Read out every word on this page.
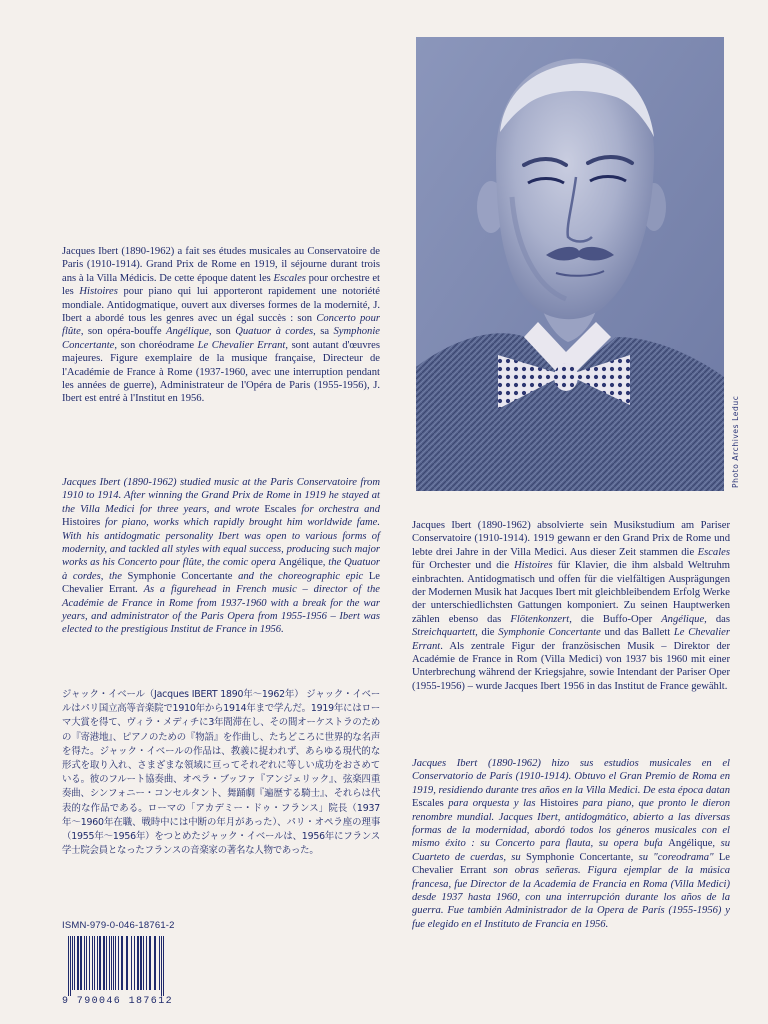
Jacques Ibert (1890-1962) a fait ses études musicales au Conservatoire de Paris (1910-1914). Grand Prix de Rome en 1919, il séjourne durant trois ans à la Villa Médicis. De cette époque datent les Escales pour orchestre et les Histoires pour piano qui lui apporteront rapidement une notoriété mondiale. Antidogmatique, ouvert aux diverses formes de la modernité, J. Ibert a abordé tous les genres avec un égal succès : son Concerto pour flûte, son opéra-bouffe Angélique, son Quatuor à cordes, sa Symphonie Concertante, son choréodrame Le Chevalier Errant, sont autant d'œuvres majeures. Figure exemplaire de la musique française, Directeur de l'Académie de France à Rome (1937-1960, avec une interruption pendant les années de guerre), Administrateur de l'Opéra de Paris (1955-1956), J. Ibert est entré à l'Institut en 1956.

Jacques Ibert (1890-1962) studied music at the Paris Conservatoire from 1910 to 1914. After winning the Grand Prix de Rome in 1919 he stayed at the Villa Medici for three years, and wrote Escales for orchestra and Histoires for piano, works which rapidly brought him worldwide fame. With his antidogmatic personality Ibert was open to various forms of modernity, and tackled all styles with equal success, producing such major works as his Concerto pour flûte, the comic opera Angélique, the Quatuor à cordes, the Symphonie Concertante and the choreographic epic Le Chevalier Errant. As a figurehead in French music – director of the Académie de France in Rome from 1937-1960 with a break for the war years, and administrator of the Paris Opera from 1955-1956 – Ibert was elected to the prestigious Institut de France in 1956.

ジャック・イベール（Jacques IBERT 1890年〜1962年） ジャック・イベールはパリ国立高等音楽院で1910年から1914年まで学んだ。1919年にはローマ大賞を得て、ヴィラ・メディチに3年間滞在し、その間オーケストラのための『寄港地』、ピアノのための『物語』を作曲し、たちどころに世界的な名声を得た。ジャック・イベールの作品は、教義に捉われず、あらゆる現代的な形式を取り入れ、さまざまな領域に亘ってそれぞれに等しい成功をおさめている。彼のフルート協奏曲、オペラ・ブッファ『アンジェリック』、弦楽四重奏曲、シンフォニー・コンセルタント、舞踊劇『遍歴する騎士』、それらは代表的な作品である。ローマの「アカデミー・ドゥ・フランス」院長（1937年〜1960年在職、戦時中には中断の年月があった）、パリ・オペラ座の理事（1955年〜1956年）をつとめたジャック・イベールは、1956年にフランス学士院会員となったフランスの音楽家の著名な人物であった。

Photo Archives Leduc

Jacques Ibert (1890-1962) absolvierte sein Musikstudium am Pariser Conservatoire (1910-1914). 1919 gewann er den Grand Prix de Rome und lebte drei Jahre in der Villa Medici. Aus dieser Zeit stammen die Escales für Orchester und die Histoires für Klavier, die ihm alsbald Weltruhm einbrachten. Antidogmatisch und offen für die vielfältigen Ausprägungen der Modernen Musik hat Jacques Ibert mit gleichbleibendem Erfolg Werke der unterschiedlichsten Gattungen komponiert. Zu seinen Hauptwerken zählen ebenso das Flötenkonzert, die Buffo-Oper Angélique, das Streichquartett, die Symphonie Concertante und das Ballett Le Chevalier Errant. Als zentrale Figur der französischen Musik – Direktor der Académie de France in Rom (Villa Medici) von 1937 bis 1960 mit einer Unterbrechung während der Kriegsjahre, sowie Intendant der Pariser Oper (1955-1956) – wurde Jacques Ibert 1956 in das Institut de France gewählt.

Jacques Ibert (1890-1962) hizo sus estudios musicales en el Conservatorio de París (1910-1914). Obtuvo el Gran Premio de Roma en 1919, residiendo durante tres años en la Villa Medici. De esta época datan Escales para orquesta y las Histoires para piano, que pronto le dieron renombre mundial. Jacques Ibert, antidogmático, abierto a las diversas formas de la modernidad, abordó todos los géneros musicales con el mismo éxito : su Concerto para flauta, su opera bufa Angélique, su Cuarteto de cuerdas, su Symphonie Concertante, su "coreodrama" Le Chevalier Errant son obras señeras. Figura ejemplar de la música francesa, fue Director de la Academia de Francia en Roma (Villa Medici) desde 1937 hasta 1960, con una interrupción durante los años de la guerra. Fue también Administrador de la Opera de París (1955-1956) y fue elegido en el Instituto de Francia en 1956.

ISMN-979-0-046-18761-2
9 790046 187612
